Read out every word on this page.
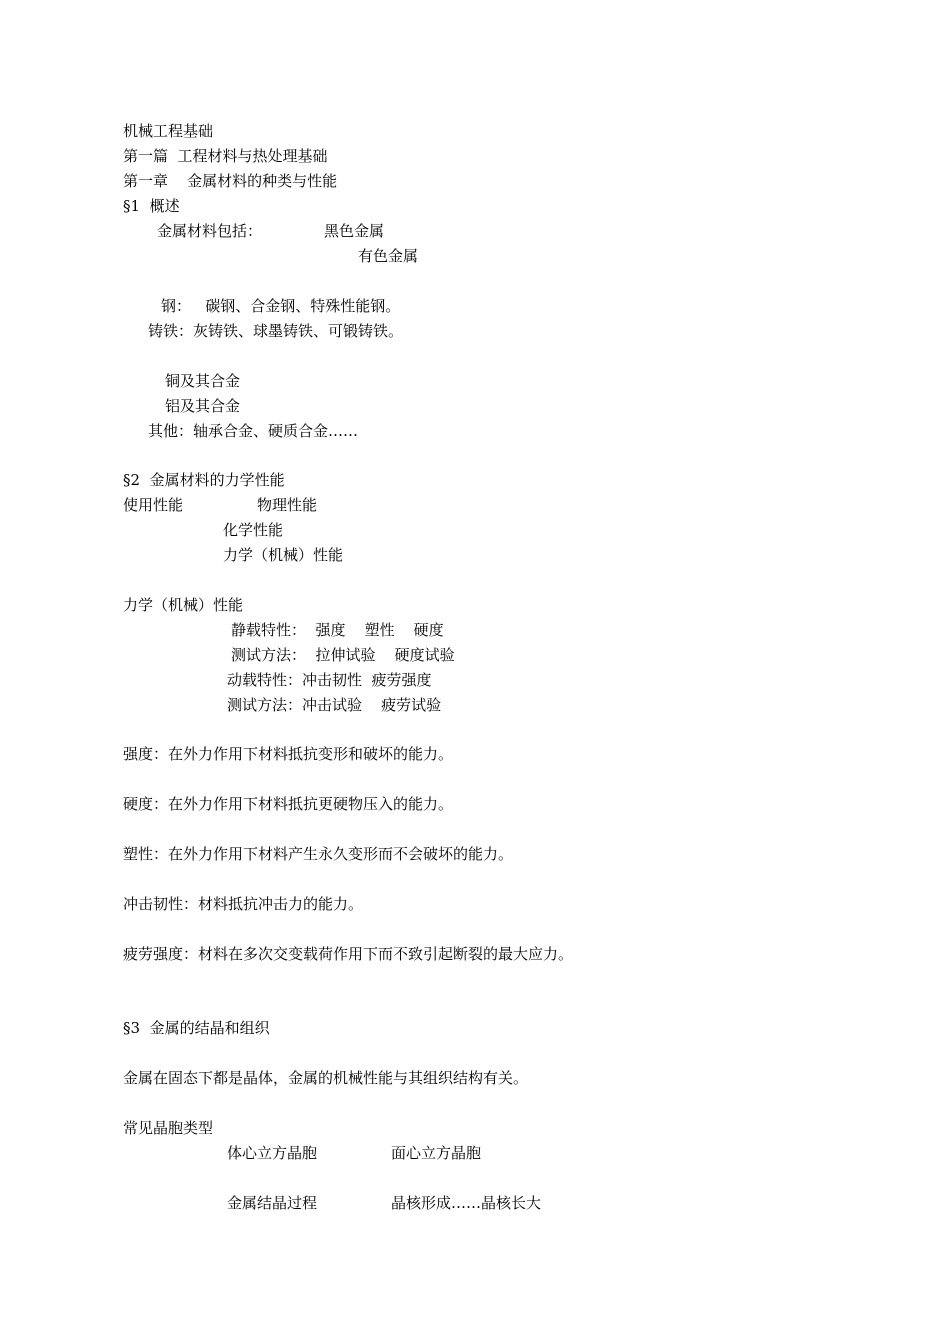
机械工程基础
第一篇  工程材料与热处理基础
第一章    金属材料的种类与性能
§1  概述
金属材料包括：	黑色金属
有色金属
钢：   碳钢、合金钢、特殊性能钢。
铸铁：灰铸铁、球墨铸铁、可锻铸铁。
铜及其合金
铝及其合金
其他：轴承合金、硬质合金……
§2  金属材料的力学性能
使用性能	物理性能
化学性能
力学（机械）性能
力学（机械）性能
静载特性：  强度    塑性    硬度
测试方法：  拉伸试验    硬度试验
动载特性：冲击韧性  疲劳强度
测试方法：冲击试验    疲劳试验
强度：在外力作用下材料抵抗变形和破坏的能力。
硬度：在外力作用下材料抵抗更硬物压入的能力。
塑性：在外力作用下材料产生永久变形而不会破坏的能力。
冲击韧性：材料抵抗冲击力的能力。
疲劳强度：材料在多次交变载荷作用下而不致引起断裂的最大应力。
§3  金属的结晶和组织
金属在固态下都是晶体，金属的机械性能与其组织结构有关。
常见晶胞类型
体心立方晶胞	面心立方晶胞
金属结晶过程	晶核形成……晶核长大
